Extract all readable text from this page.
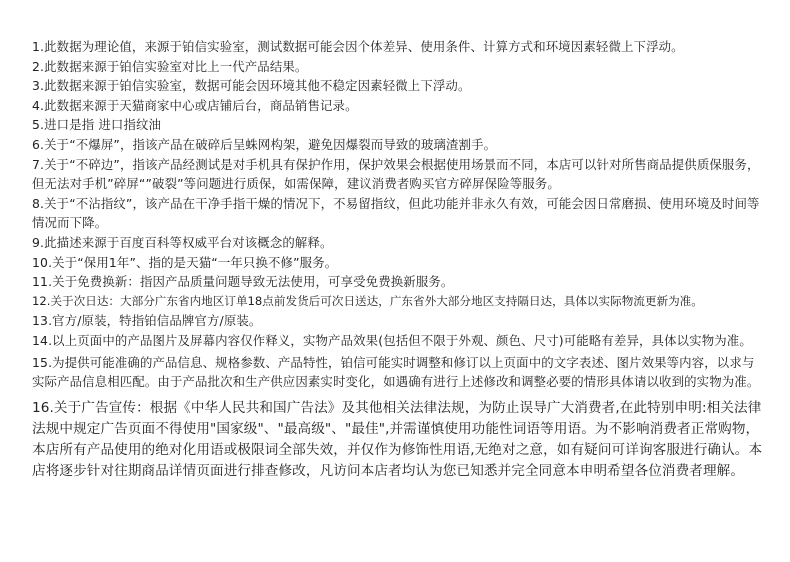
1.此数据为理论值，来源于铂信实验室，测试数据可能会因个体差异、使用条件、计算方式和环境因素轻微上下浮动。
2.此数据来源于铂信实验室对比上一代产品结果。
3.此数据来源于铂信实验室，数据可能会因环境其他不稳定因素轻微上下浮动。
4.此数据来源于天猫商家中心或店铺后台，商品销售记录。
5.进口是指 进口指纹油
6.关于“不爆屏”，指该产品在破碎后呈蛛网构架，避免因爆裂而导致的玻璃渣割手。
7.关于“不碎边”，指该产品经测试是对手机具有保护作用，保护效果会根据使用场景而不同，本店可以针对所售商品提供质保服务，但无法对手机”碎屏“”破裂”等问题进行质保，如需保障，建议消费者购买官方碎屏保险等服务。
8.关于“不沾指纹”，该产品在干净手指干燥的情况下，不易留指纹，但此功能并非永久有效，可能会因日常磨损、使用环境及时间等情况而下降。
9.此描述来源于百度百科等权威平台对该概念的解释。
10.关于“保用1年”、指的是天猫“一年只换不修”服务。
11.关于免费换新：指因产品质量问题导致无法使用，可享受免费换新服务。
12.关于次日达：大部分广东省内地区订单18点前发货后可次日送达，广东省外大部分地区支持隔日达，具体以实际物流更新为准。
13.官方/原装，特指铂信品牌官方/原装。
14.以上页面中的产品图片及屏幕内容仅作释义，实物产品效果(包括但不限于外观、颜色、尺寸)可能略有差异，具体以实物为准。
15.为提供可能准确的产品信息、规格参数、产品特性，铂信可能实时调整和修订以上页面中的文字表述、图片效果等内容，以求与实际产品信息相匹配。由于产品批次和生产供应因素实时变化，如遇确有进行上述修改和调整必要的情形具体请以收到的实物为准。
16.关于广告宣传：根据《中华人民共和国广告法》及其他相关法律法规，为防止误导广大消费者,在此特别申明:相关法律法规中规定广告页面不得使用"国家级"、"最高级"、"最佳",并需谨慎使用功能性词语等用语。为不影响消费者正常购物，本店所有产品使用的绝对化用语或极限词全部失效，并仅作为修饰性用语,无绝对之意，如有疑问可详询客服进行确认。本店将逐步针对往期商品详情页面进行排查修改，凡访问本店者均认为您已知悉并完全同意本申明希望各位消费者理解。
